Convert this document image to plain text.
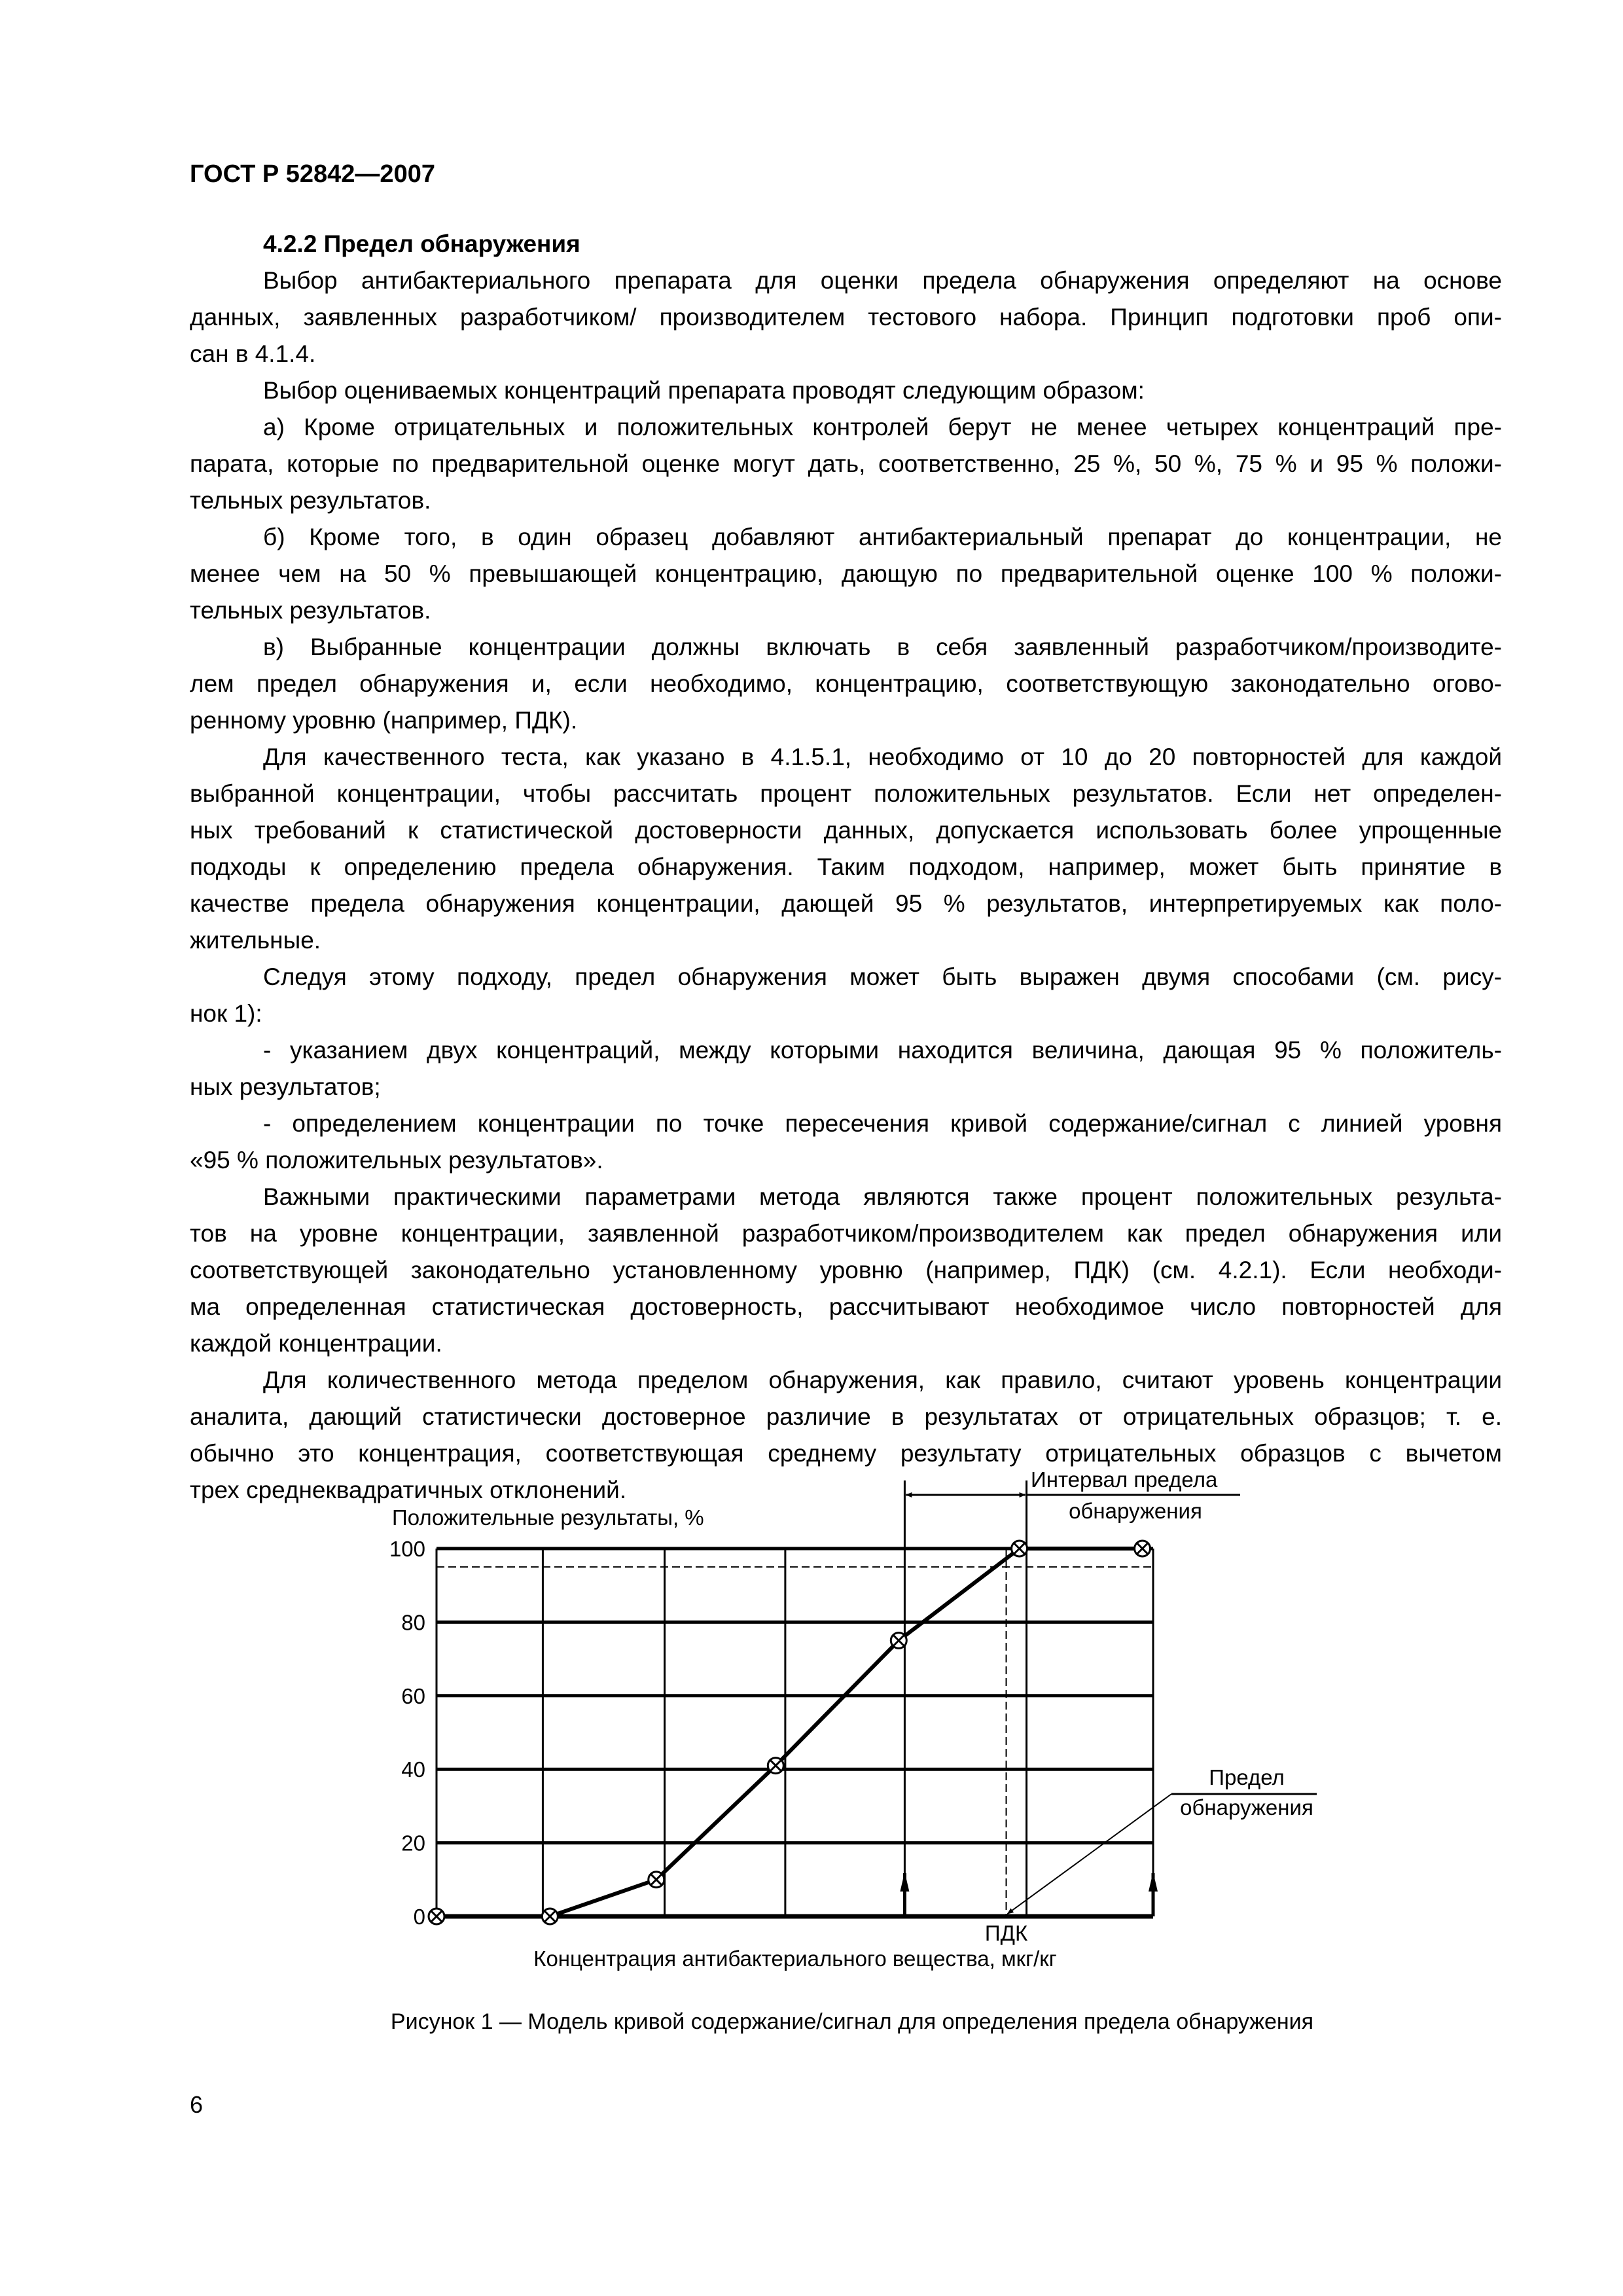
ГОСТ Р 52842—2007
4.2.2 Предел обнаружения
Выбор антибактериального препарата для оценки предела обнаружения определяют на основе
данных, заявленных разработчиком/ производителем тестового набора. Принцип подготовки проб опи-
сан в 4.1.4.
Выбор оцениваемых концентраций препарата проводят следующим образом:
а) Кроме отрицательных и положительных контролей берут не менее четырех концентраций пре-
парата, которые по предварительной оценке могут дать, соответственно, 25 %, 50 %, 75 % и 95 % положи-
тельных результатов.
б) Кроме того, в один образец добавляют антибактериальный препарат до концентрации, не
менее чем на 50 % превышающей концентрацию, дающую по предварительной оценке 100 % положи-
тельных результатов.
в) Выбранные концентрации должны включать в себя заявленный разработчиком/производите-
лем предел обнаружения и, если необходимо, концентрацию, соответствующую законодательно огово-
ренному уровню (например, ПДК).
Для качественного теста, как указано в 4.1.5.1, необходимо от 10 до 20 повторностей для каждой
выбранной концентрации, чтобы рассчитать процент положительных результатов. Если нет определен-
ных требований к статистической достоверности данных, допускается использовать более упрощенные
подходы к определению предела обнаружения. Таким подходом, например, может быть принятие в
качестве предела обнаружения концентрации, дающей 95 % результатов, интерпретируемых как поло-
жительные.
Следуя этому подходу, предел обнаружения может быть выражен двумя способами (см. рису-
нок 1):
- указанием двух концентраций, между которыми находится величина, дающая 95 % положитель-
ных результатов;
- определением концентрации по точке пересечения кривой содержание/сигнал с линией уровня
«95 % положительных результатов».
Важными практическими параметрами метода являются также процент положительных результа-
тов на уровне концентрации, заявленной разработчиком/производителем как предел обнаружения или
соответствующей законодательно установленному уровню (например, ПДК) (см. 4.2.1). Если необходи-
ма определенная статистическая достоверность, рассчитывают необходимое число повторностей для
каждой концентрации.
Для количественного метода пределом обнаружения, как правило, считают уровень концентрации
аналита, дающий статистически достоверное различие в результатах от отрицательных образцов; т. е.
обычно это концентрация, соответствующая среднему результату отрицательных образцов с вычетом
трех среднеквадратичных отклонений.
0
20
40
60
80
100
ПДК
Интервал предела
обнаружения
Предел
обнаружения
Положительные результаты, %
Концентрация антибактериального вещества, мкг/кг
Рисунок 1 — Модель кривой содержание/сигнал для определения предела обнаружения
6
